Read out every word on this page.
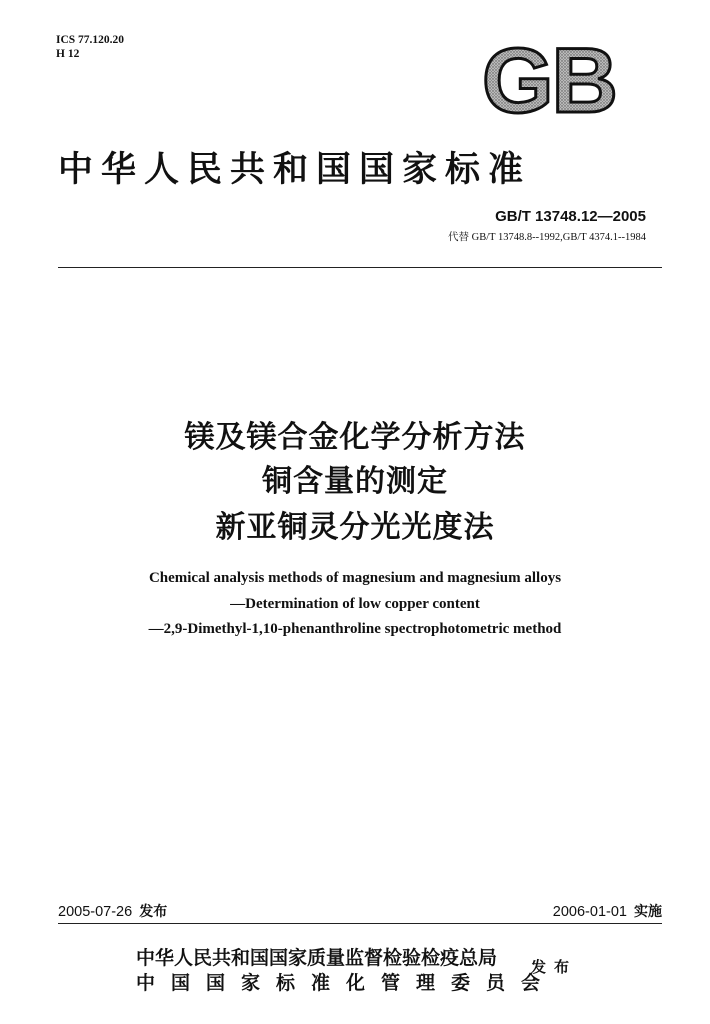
ICS 77.120.20
H 12	GB
中华人民共和国国家标准
GB/T 13748.12—2005
代替 GB/T 13748.8--1992,GB/T 4374.1--1984
镁及镁合金化学分析方法
铜含量的测定
新亚铜灵分光光度法
Chemical analysis methods of magnesium and magnesium alloys
—Determination of low copper content
—2,9-Dimethyl-1,10-phenanthroline spectrophotometric method
2005-07-26 发布	2006-01-01 实施
中华人民共和国国家质量监督检验检疫总局
中国国家标准化管理委员会
发布
